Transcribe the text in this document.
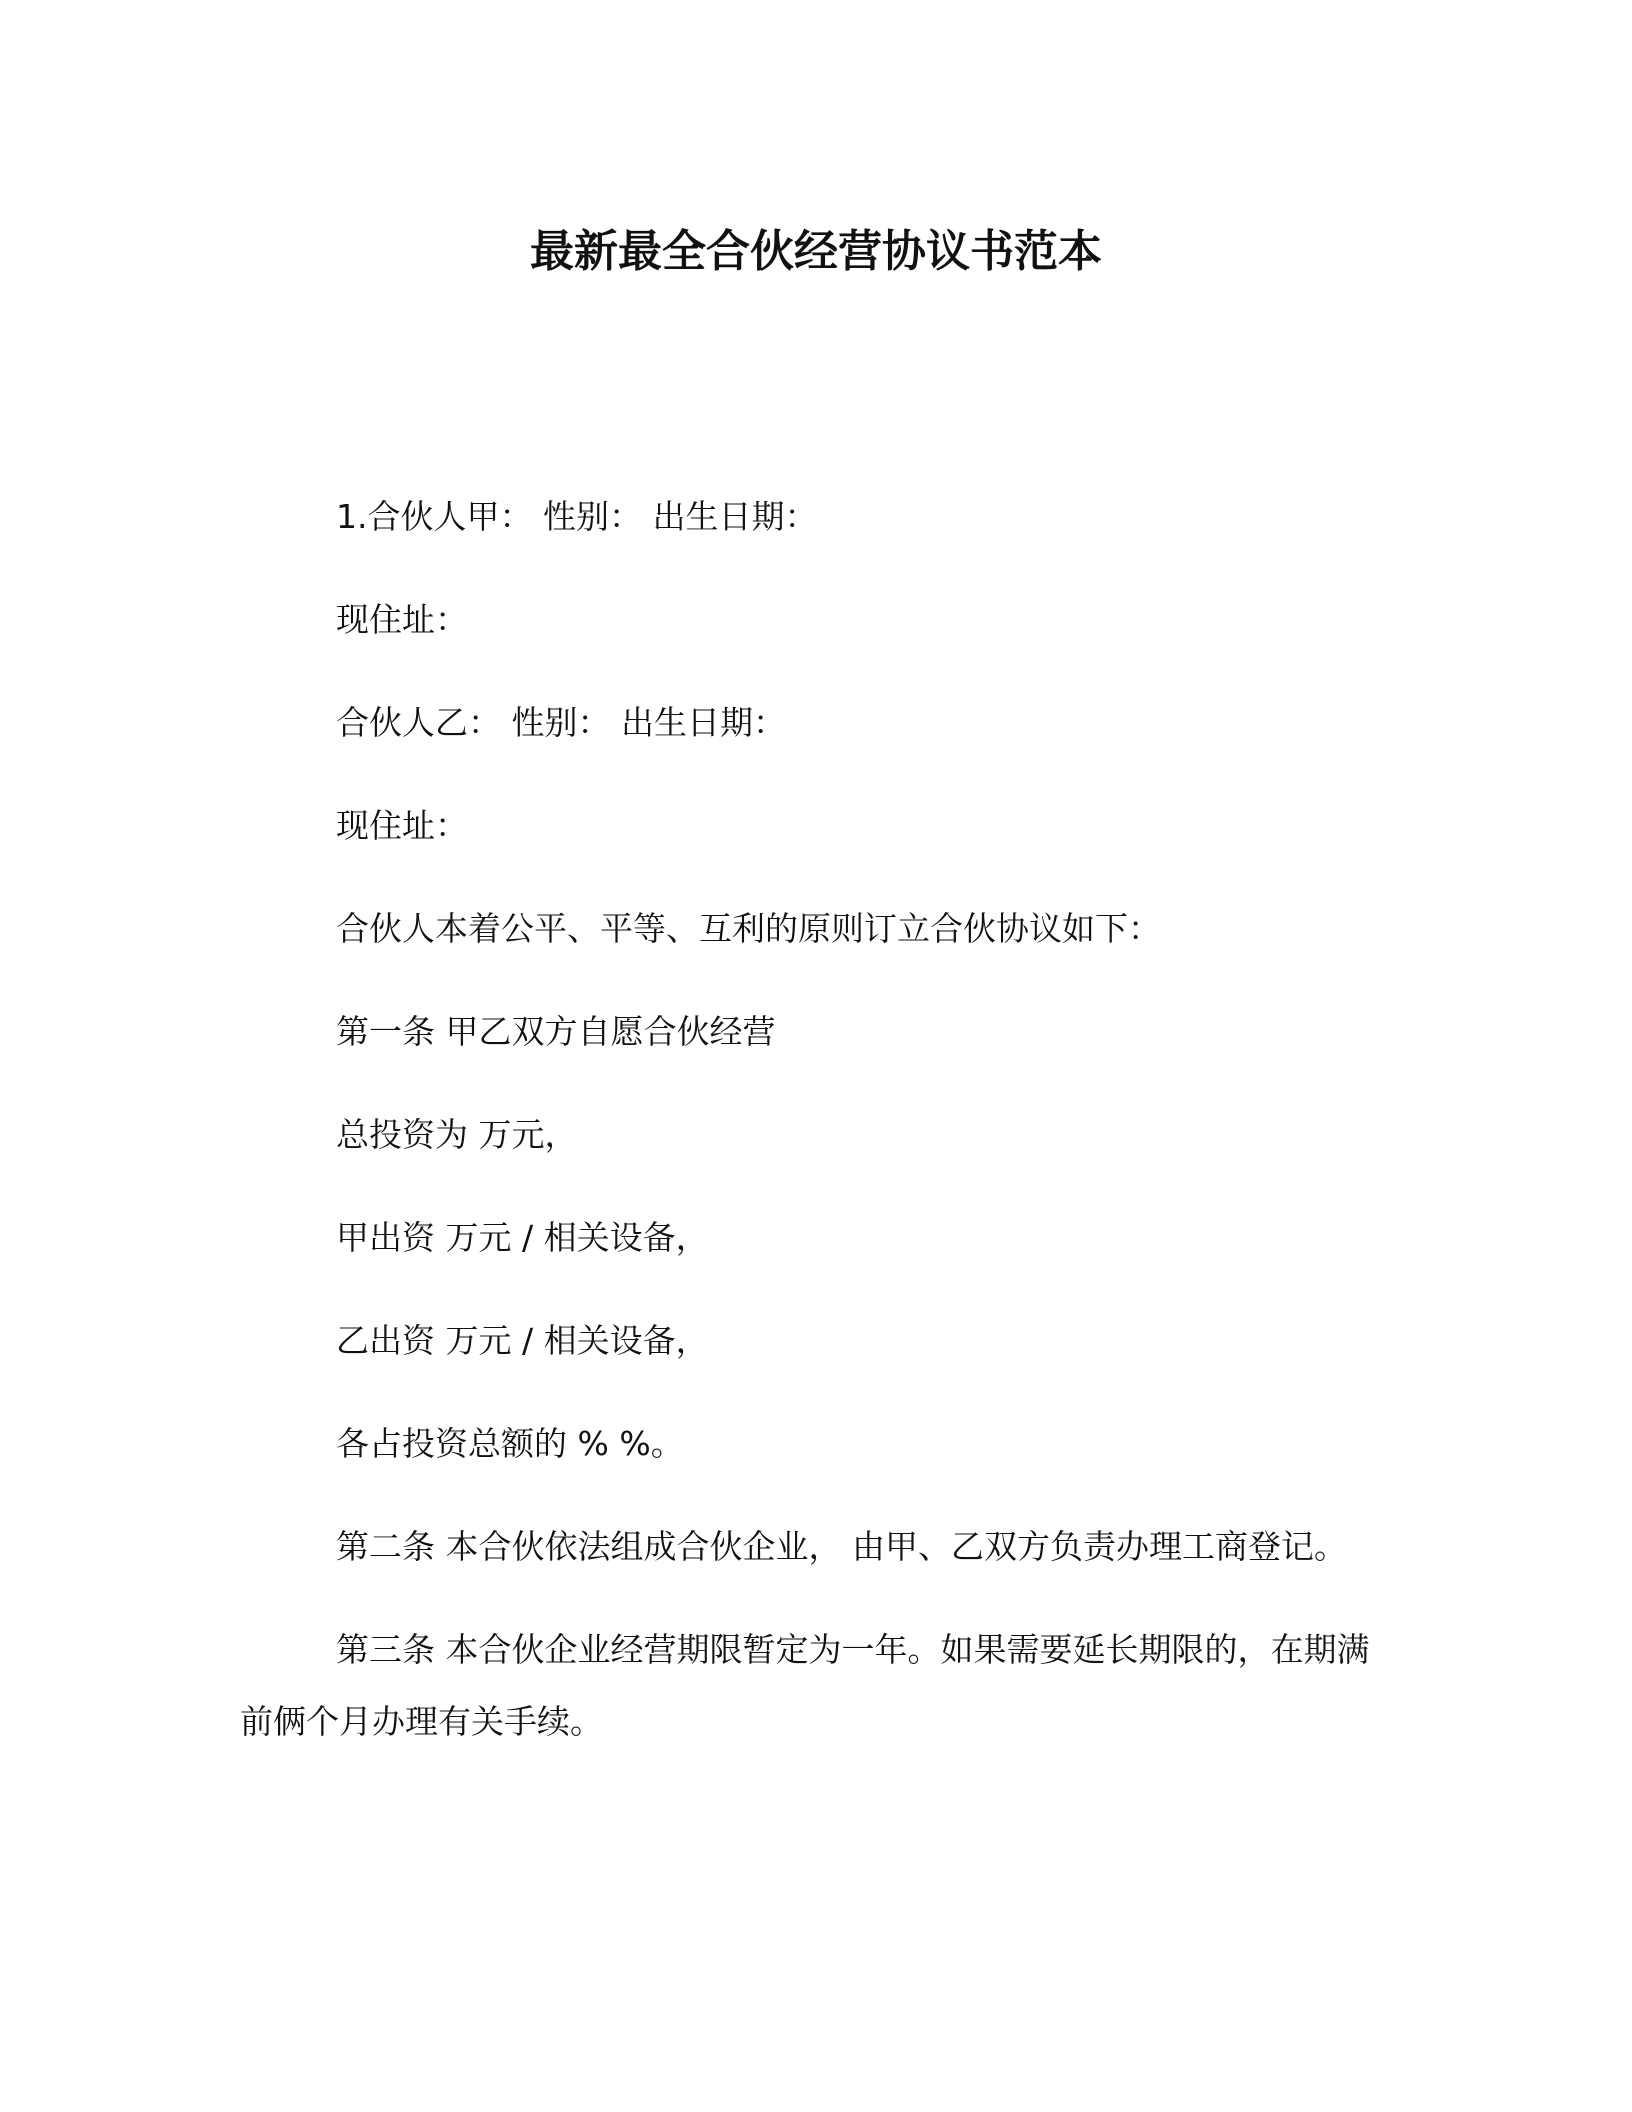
最新最全合伙经营协议书范本

1.合伙人甲： 性别： 出生日期：

现住址：

合伙人乙： 性别： 出生日期：

现住址：

合伙人本着公平、平等、互利的原则订立合伙协议如下：

第一条 甲乙双方自愿合伙经营

总投资为 万元，

甲出资 万元 / 相关设备，

乙出资 万元 / 相关设备，

各占投资总额的 % %。

第二条 本合伙依法组成合伙企业， 由甲、乙双方负责办理工商登记。

第三条 本合伙企业经营期限暂定为一年。如果需要延长期限的，在期满前俩个月办理有关手续。
